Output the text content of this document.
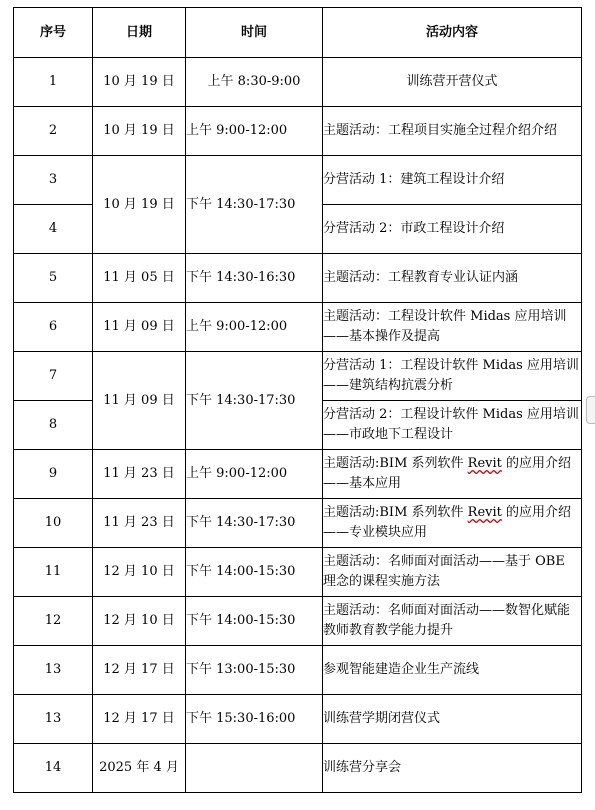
序号	日期	时间	活动内容
1	10 月 19 日	上午 8:30-9:00	训练营开营仪式
2	10 月 19 日	上午 9:00-12:00	主题活动：工程项目实施全过程介绍介绍
3	10 月 19 日	下午 14:30-17:30	分营活动 1：建筑工程设计介绍
4			分营活动 2：市政工程设计介绍
5	11 月 05 日	下午 14:30-16:30	主题活动：工程教育专业认证内涵
6	11 月 09 日	上午 9:00-12:00	主题活动：工程设计软件 Midas 应用培训——基本操作及提高
7	11 月 09 日	下午 14:30-17:30	分营活动 1：工程设计软件 Midas 应用培训——建筑结构抗震分析
8			分营活动 2：工程设计软件 Midas 应用培训——市政地下工程设计
9	11 月 23 日	上午 9:00-12:00	主题活动:BIM 系列软件 Revit 的应用介绍——基本应用
10	11 月 23 日	下午 14:30-17:30	主题活动:BIM 系列软件 Revit 的应用介绍——专业模块应用
11	12 月 10 日	下午 14:00-15:30	主题活动：名师面对面活动——基于 OBE 理念的课程实施方法
12	12 月 10 日	下午 14:00-15:30	主题活动：名师面对面活动——数智化赋能教师教育教学能力提升
13	12 月 17 日	下午 13:00-15:30	参观智能建造企业生产流线
13	12 月 17 日	下午 15:30-16:00	训练营学期闭营仪式
14	2025 年 4 月		训练营分享会
